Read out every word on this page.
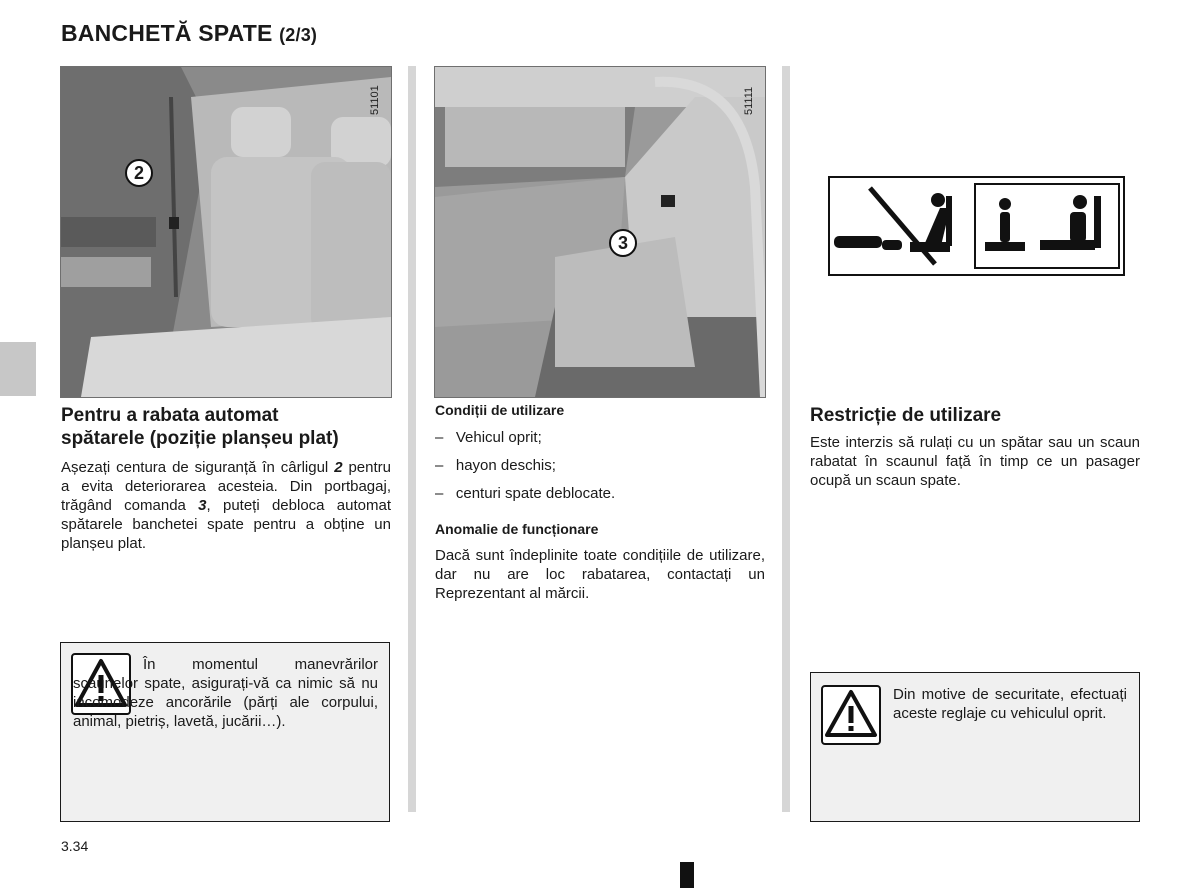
BANCHETĂ SPATE (2/3)
51101
2
51111
3
Pentru a rabata automat
spătarele (poziție planșeu plat)
Așezați centura de siguranță în cârligul 2 pentru a evita deteriorarea acesteia. Din portbagaj, trăgând comanda 3, puteți debloca automat spătarele banchetei spate pentru a obține un planșeu plat.
În momentul manevrărilor scaunelor spate, asigurați-vă ca nimic să nu incomodeze ancorările (părți ale corpului, animal, pietriș, lavetă, jucării…).
Condiții de utilizare
– Vehicul oprit;
– hayon deschis;
– centuri spate deblocate.
Anomalie de funcționare
Dacă sunt îndeplinite toate condițiile de utilizare, dar nu are loc rabatarea, contactați un Reprezentant al mărcii.
Restricție de utilizare
Este interzis să rulați cu un spătar sau un scaun rabatat în scaunul față în timp ce un pasager ocupă un scaun spate.
Din motive de securitate, efectuați aceste reglaje cu vehiculul oprit.
3.34
